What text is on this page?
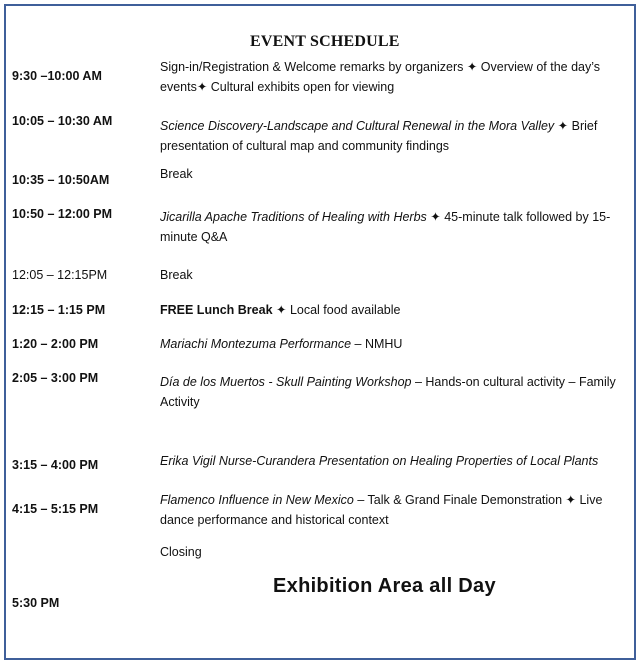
EVENT SCHEDULE
9:30 –10:00 AM
10:05 – 10:30 AM
10:35 – 10:50AM
10:50 – 12:00 PM
12:05 – 12:15PM
12:15 – 1:15 PM
1:20 – 2:00 PM
2:05 – 3:00 PM
3:15 – 4:00 PM
4:15 – 5:15 PM
5:30 PM
Sign-in/Registration & Welcome remarks by organizers ✦ Overview of the day’s events✦ Cultural exhibits open for viewing
Science Discovery-Landscape and Cultural Renewal in the Mora Valley ✦ Brief presentation of cultural map and community findings
Break
Jicarilla Apache Traditions of Healing with Herbs ✦ 45-minute talk followed by 15-minute Q&A
Break
FREE Lunch Break ✦ Local food available
Mariachi Montezuma Performance – NMHU
Día de los Muertos - Skull Painting Workshop – Hands-on cultural activity – Family Activity
Erika Vigil Nurse-Curandera Presentation on Healing Properties of Local Plants
Flamenco Influence in New Mexico – Talk & Grand Finale Demonstration ✦ Live dance performance and historical context
Closing
Exhibition Area all Day
